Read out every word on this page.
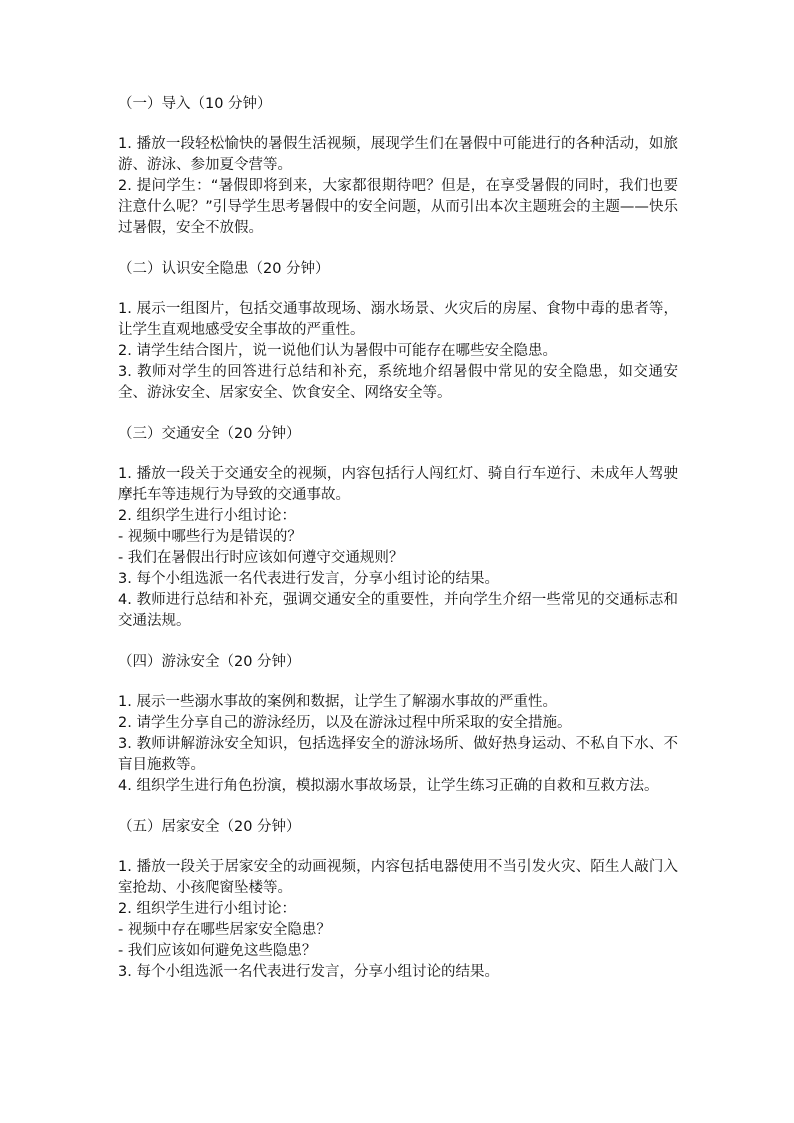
（一）导入（10 分钟）

1. 播放一段轻松愉快的暑假生活视频，展现学生们在暑假中可能进行的各种活动，如旅游、游泳、参加夏令营等。

2. 提问学生：“暑假即将到来，大家都很期待吧？但是，在享受暑假的同时，我们也要注意什么呢？”引导学生思考暑假中的安全问题，从而引出本次主题班会的主题——快乐过暑假，安全不放假。

（二）认识安全隐患（20 分钟）

1. 展示一组图片，包括交通事故现场、溺水场景、火灾后的房屋、食物中毒的患者等，让学生直观地感受安全事故的严重性。

2. 请学生结合图片，说一说他们认为暑假中可能存在哪些安全隐患。

3. 教师对学生的回答进行总结和补充，系统地介绍暑假中常见的安全隐患，如交通安全、游泳安全、居家安全、饮食安全、网络安全等。

（三）交通安全（20 分钟）

1. 播放一段关于交通安全的视频，内容包括行人闯红灯、骑自行车逆行、未成年人驾驶摩托车等违规行为导致的交通事故。

2. 组织学生进行小组讨论：

- 视频中哪些行为是错误的？

- 我们在暑假出行时应该如何遵守交通规则？

3. 每个小组选派一名代表进行发言，分享小组讨论的结果。

4. 教师进行总结和补充，强调交通安全的重要性，并向学生介绍一些常见的交通标志和交通法规。

（四）游泳安全（20 分钟）

1. 展示一些溺水事故的案例和数据，让学生了解溺水事故的严重性。

2. 请学生分享自己的游泳经历，以及在游泳过程中所采取的安全措施。

3. 教师讲解游泳安全知识，包括选择安全的游泳场所、做好热身运动、不私自下水、不盲目施救等。

4. 组织学生进行角色扮演，模拟溺水事故场景，让学生练习正确的自救和互救方法。

（五）居家安全（20 分钟）

1. 播放一段关于居家安全的动画视频，内容包括电器使用不当引发火灾、陌生人敲门入室抢劫、小孩爬窗坠楼等。

2. 组织学生进行小组讨论：

- 视频中存在哪些居家安全隐患？

- 我们应该如何避免这些隐患？

3. 每个小组选派一名代表进行发言，分享小组讨论的结果。
